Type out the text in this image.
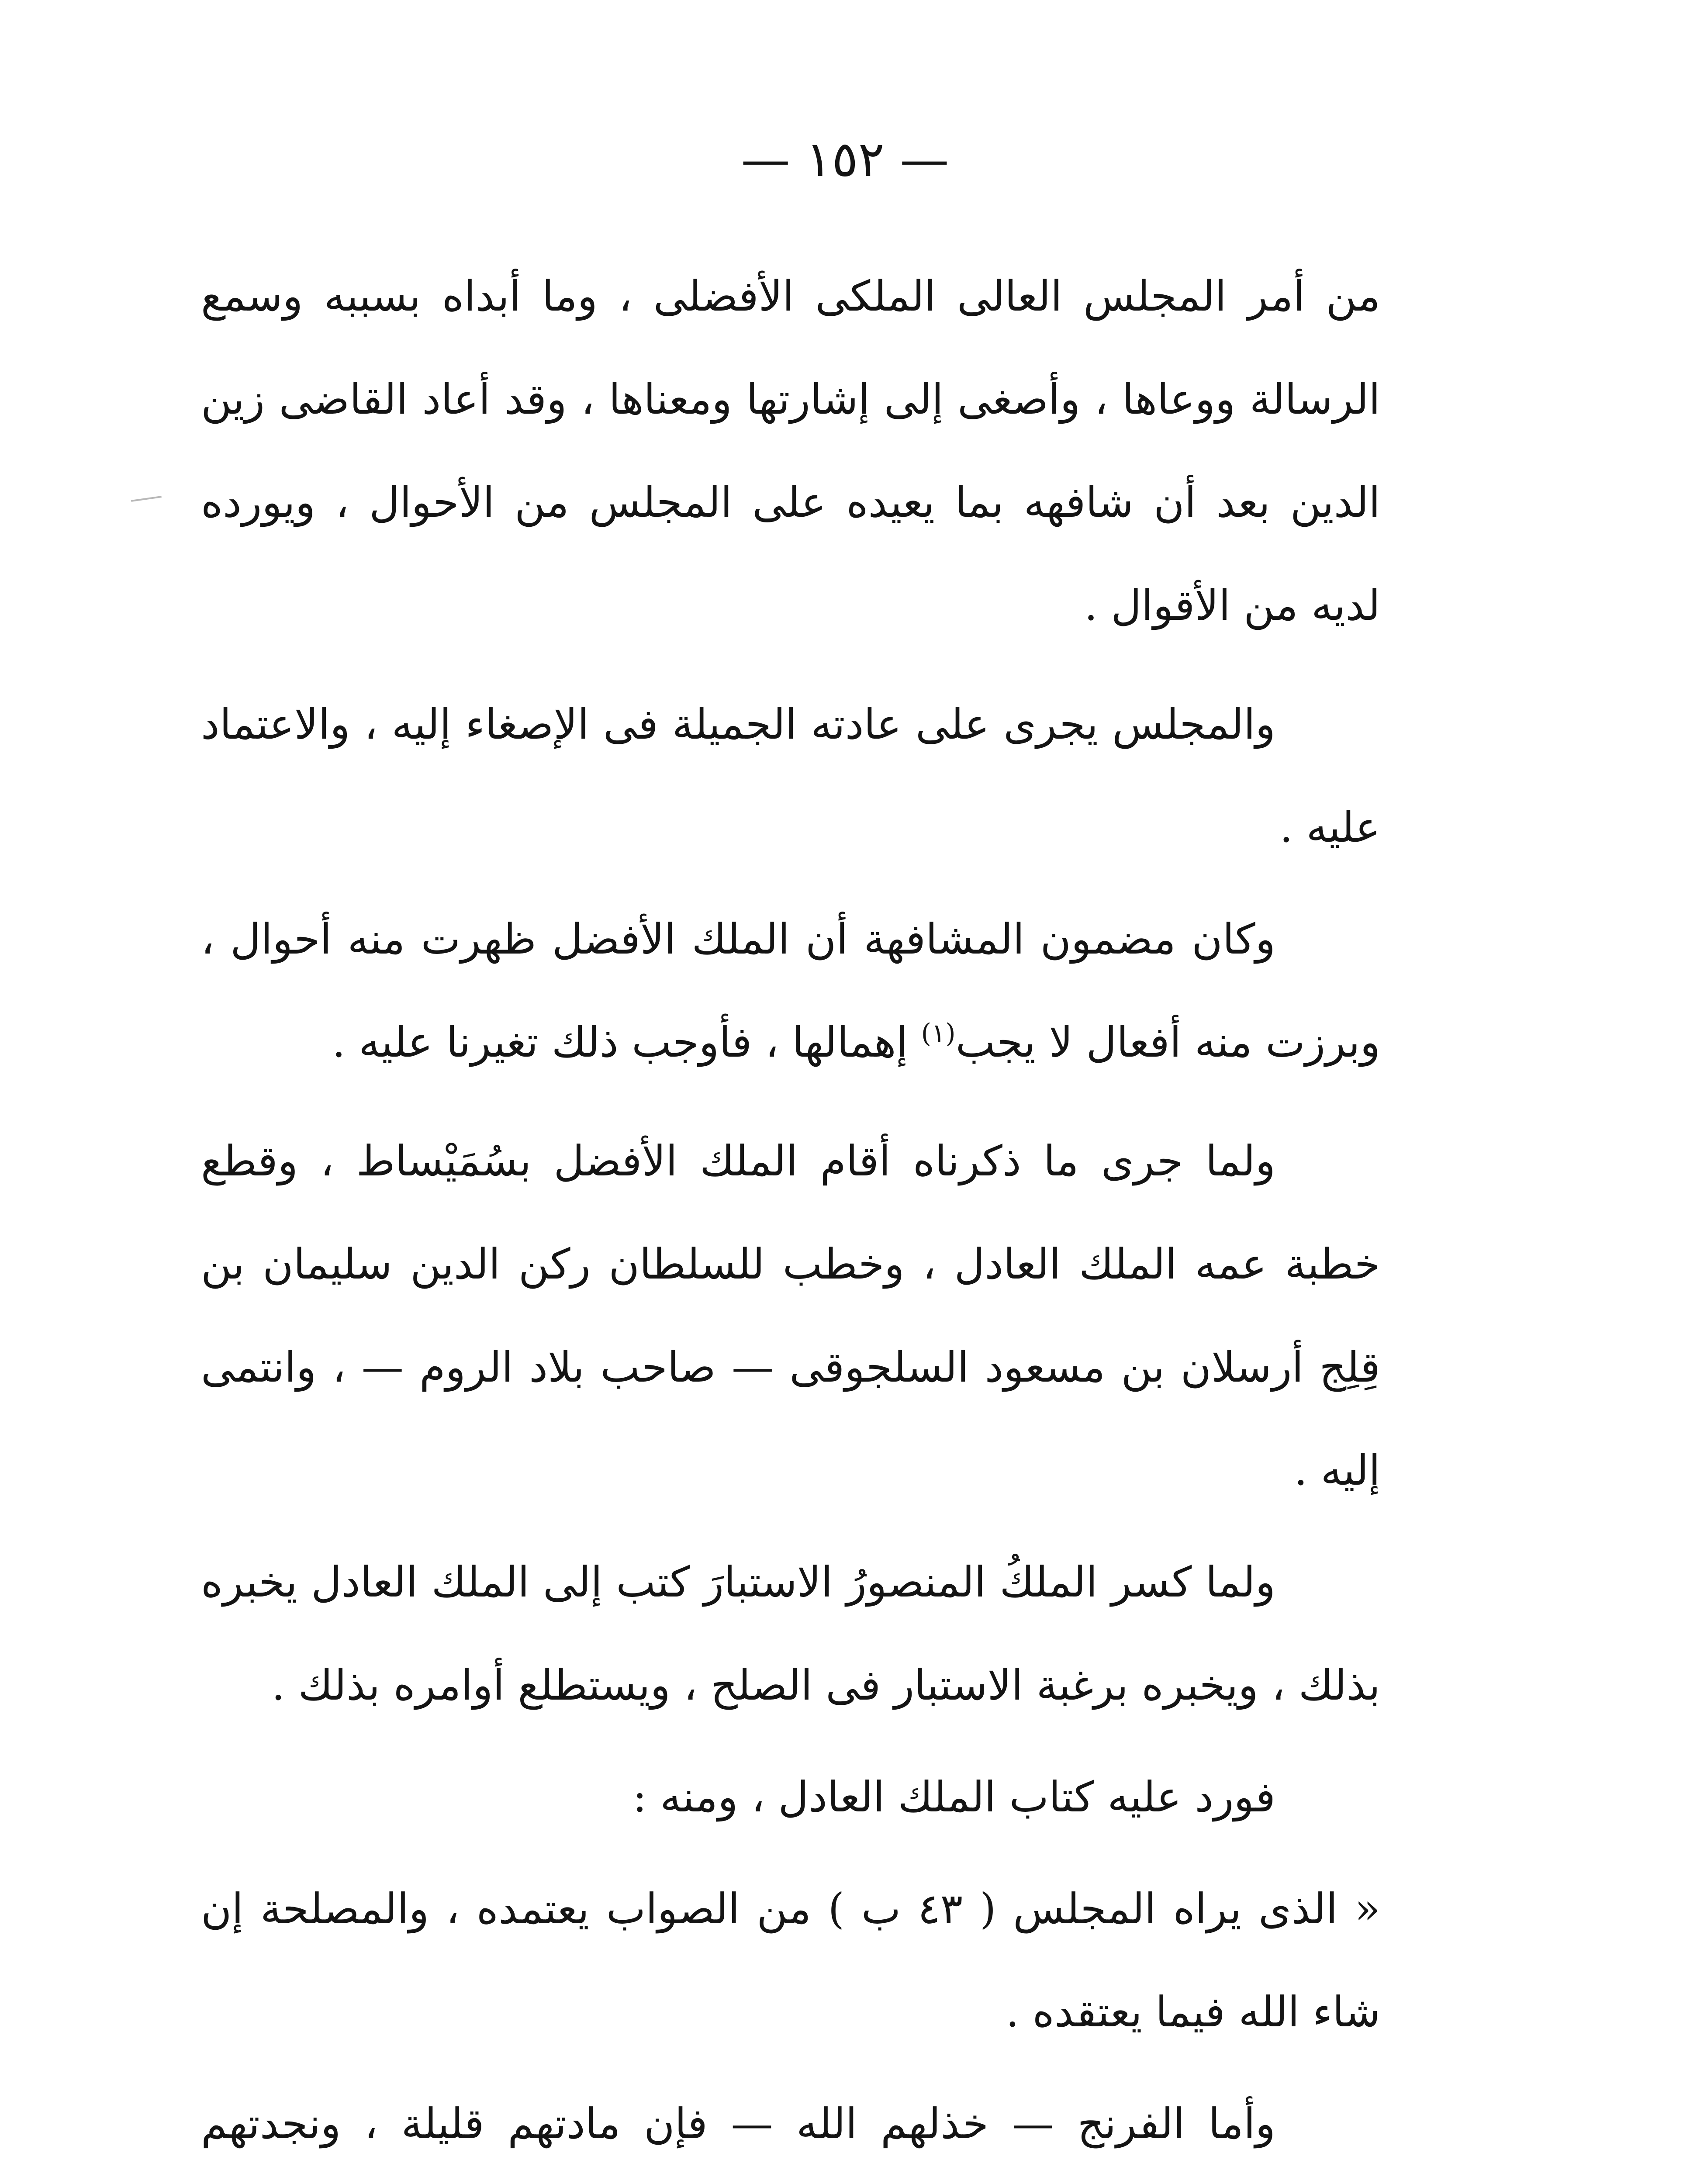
— ١٥٢ —

من أمر المجلس العالى الملكى الأفضلى ، وما أبداه بسببه وسمع الرسالة ووعاها ، وأصغى إلى إشارتها ومعناها ، وقد أعاد القاضى زين الدين بعد أن شافهه بما يعيده على المجلس من الأحوال ، ويورده لديه من الأقوال .

والمجلس يجرى على عادته الجميلة فى الإصغاء إليه ، والاعتماد عليه .

وكان مضمون المشافهة أن الملك الأفضل ظهرت منه أحوال ، وبرزت منه أفعال لا يجب$^{(١)}$ إهمالها ، فأوجب ذلك تغيرنا عليه .

ولما جرى ما ذكرناه أقام الملك الأفضل بسُمَيْساط ، وقطع خطبة عمه الملك العادل ، وخطب للسلطان ركن الدين سليمان بن قِلِج أرسلان بن مسعود السلجوقى — صاحب بلاد الروم — ، وانتمى إليه .

ولما كسر الملكُ المنصورُ الاستبارَ كتب إلى الملك العادل يخبره بذلك ، ويخبره برغبة الاستبار فى الصلح ، ويستطلع أوامره بذلك .

فورد عليه كتاب الملك العادل ، ومنه :

« الذى يراه المجلس ( ٤٣ ب ) من الصواب يعتمده ، والمصلحة إن شاء الله فيما يعتقده .

وأما الفرنج — خذلهم الله — فإن مادتهم قليلة ، ونجدتهم
